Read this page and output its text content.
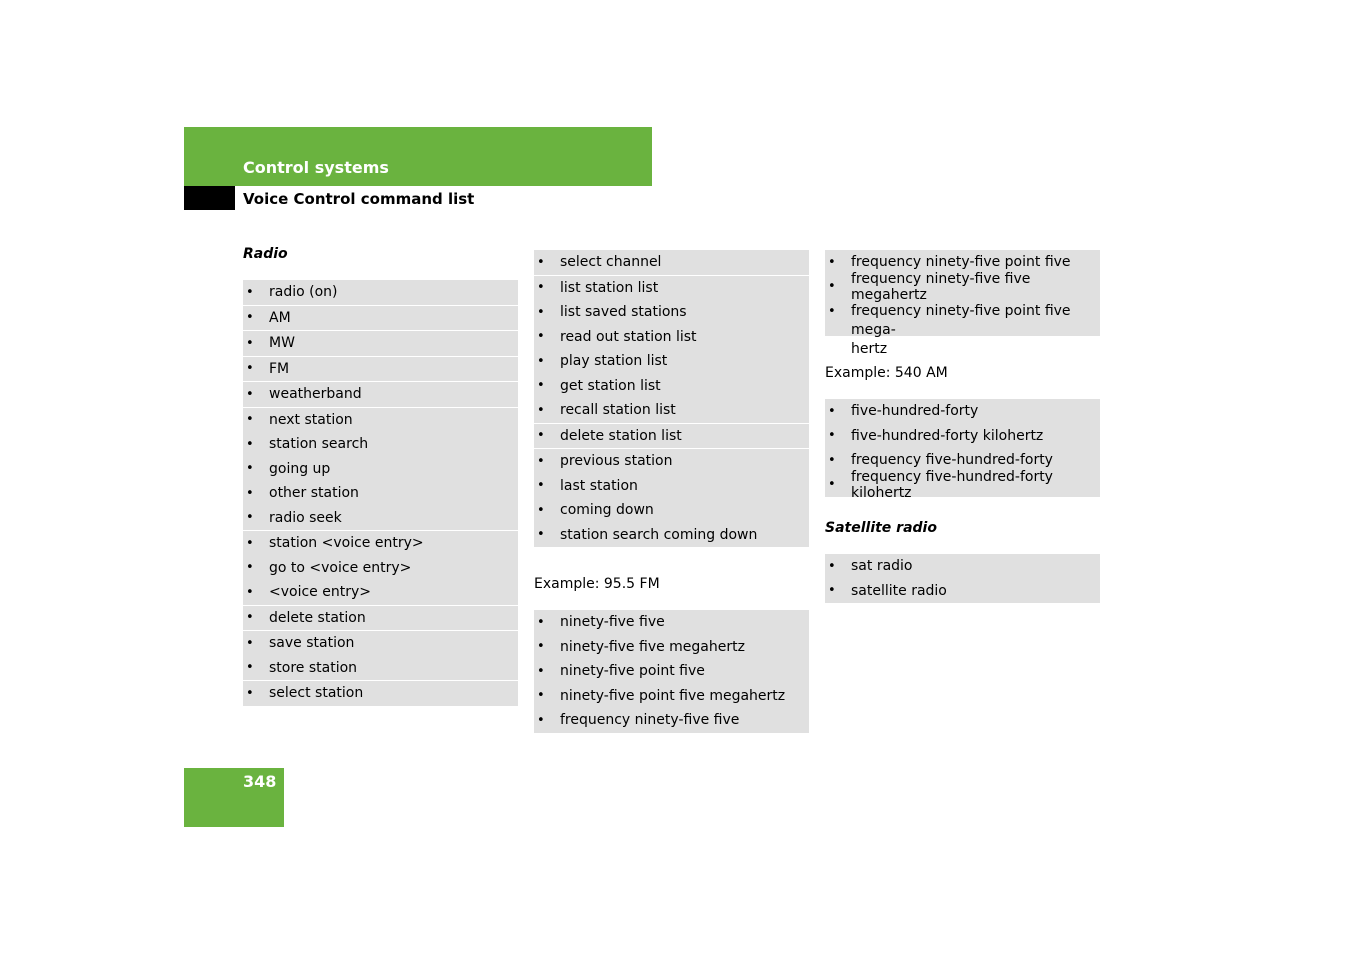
Control systems
Voice Control command list
Radio
•	radio (on)
•	AM
•	MW
•	FM
•	weatherband
•	next station
•	station search
•	going up
•	other station
•	radio seek
•	station <voice entry>
•	go to <voice entry>
•	<voice entry>
•	delete station
•	save station
•	store station
•	select station
•	select channel
•	list station list
•	list saved stations
•	read out station list
•	play station list
•	get station list
•	recall station list
•	delete station list
•	previous station
•	last station
•	coming down
•	station search coming down
Example: 95.5 FM
•	ninety-five five
•	ninety-five five megahertz
•	ninety-five point five
•	ninety-five point five megahertz
•	frequency ninety-five five
•	frequency ninety-five point five
•	frequency ninety-five five megahertz
•	frequency ninety-five point five mega-
hertz
Example: 540 AM
•	five-hundred-forty
•	five-hundred-forty kilohertz
•	frequency five-hundred-forty
•	frequency five-hundred-forty kilohertz
Satellite radio
•	sat radio
•	satellite radio
348
